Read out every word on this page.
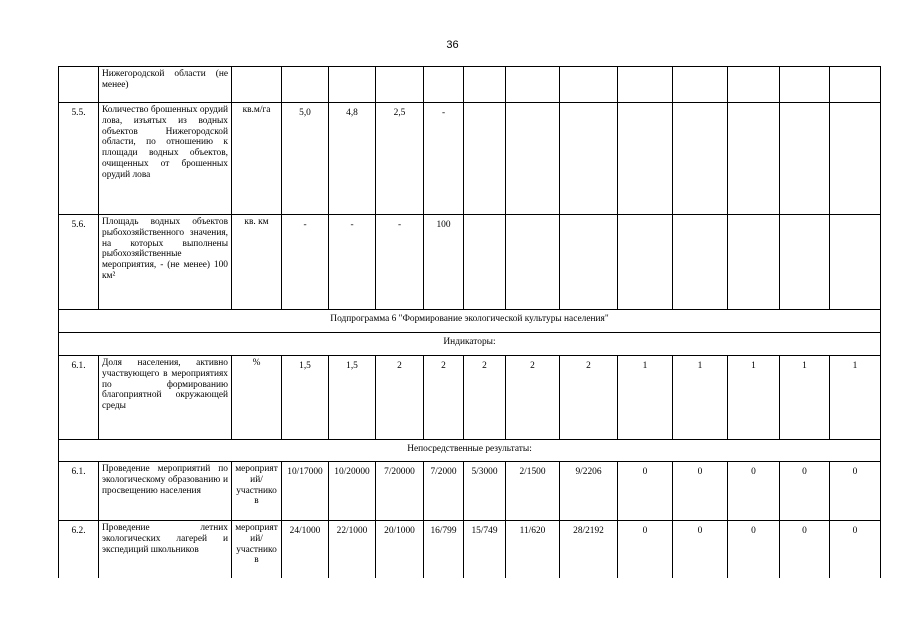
36
	Нижегородской области (не менее)													
5.5.	Количество брошенных орудий лова, изъятых из водных объектов Нижегородской области, по отношению к площади водных объектов, очищенных от брошенных орудий лова	кв.м/га	5,0	4,8	2,5	-								
5.6.	Площадь водных объектов рыбохозяйственного значения, на которых выполнены рыбохозяйственные мероприятия, - (не менее) 100 км²	кв. км	-	-	-	100								
Подпрограмма 6 "Формирование экологической культуры населения"														
Индикаторы:														
6.1.	Доля населения, активно участвующего в мероприятиях по формированию благоприятной окружающей среды	%	1,5	1,5	2	2	2	2	2	1	1	1	1	1
Непосредственные результаты:														
6.1.	Проведение мероприятий по экологическому образованию и просвещению населения	мероприятий/участников	10/17000	10/20000	7/20000	7/2000	5/3000	2/1500	9/2206	0	0	0	0	0
6.2.	Проведение летних экологических лагерей и экспедиций школьников	мероприятий/участников	24/1000	22/1000	20/1000	16/799	15/749	11/620	28/2192	0	0	0	0	0
